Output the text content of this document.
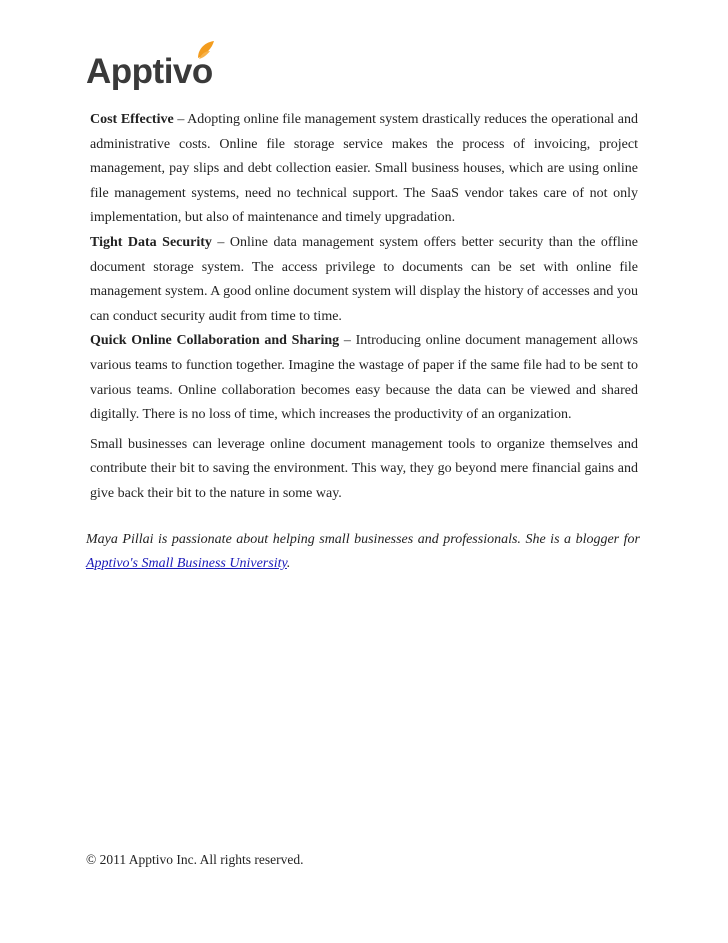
Apptivo

Cost Effective – Adopting online file management system drastically reduces the operational and administrative costs. Online file storage service makes the process of invoicing, project management, pay slips and debt collection easier. Small business houses, which are using online file management systems, need no technical support. The SaaS vendor takes care of not only implementation, but also of maintenance and timely upgradation.

Tight Data Security – Online data management system offers better security than the offline document storage system. The access privilege to documents can be set with online file management system. A good online document system will display the history of accesses and you can conduct security audit from time to time.

Quick Online Collaboration and Sharing – Introducing online document management allows various teams to function together. Imagine the wastage of paper if the same file had to be sent to various teams. Online collaboration becomes easy because the data can be viewed and shared digitally. There is no loss of time, which increases the productivity of an organization.

Small businesses can leverage online document management tools to organize themselves and contribute their bit to saving the environment. This way, they go beyond mere financial gains and give back their bit to the nature in some way.

Maya Pillai is passionate about helping small businesses and professionals. She is a blogger for Apptivo's Small Business University.
© 2011 Apptivo Inc. All rights reserved.
